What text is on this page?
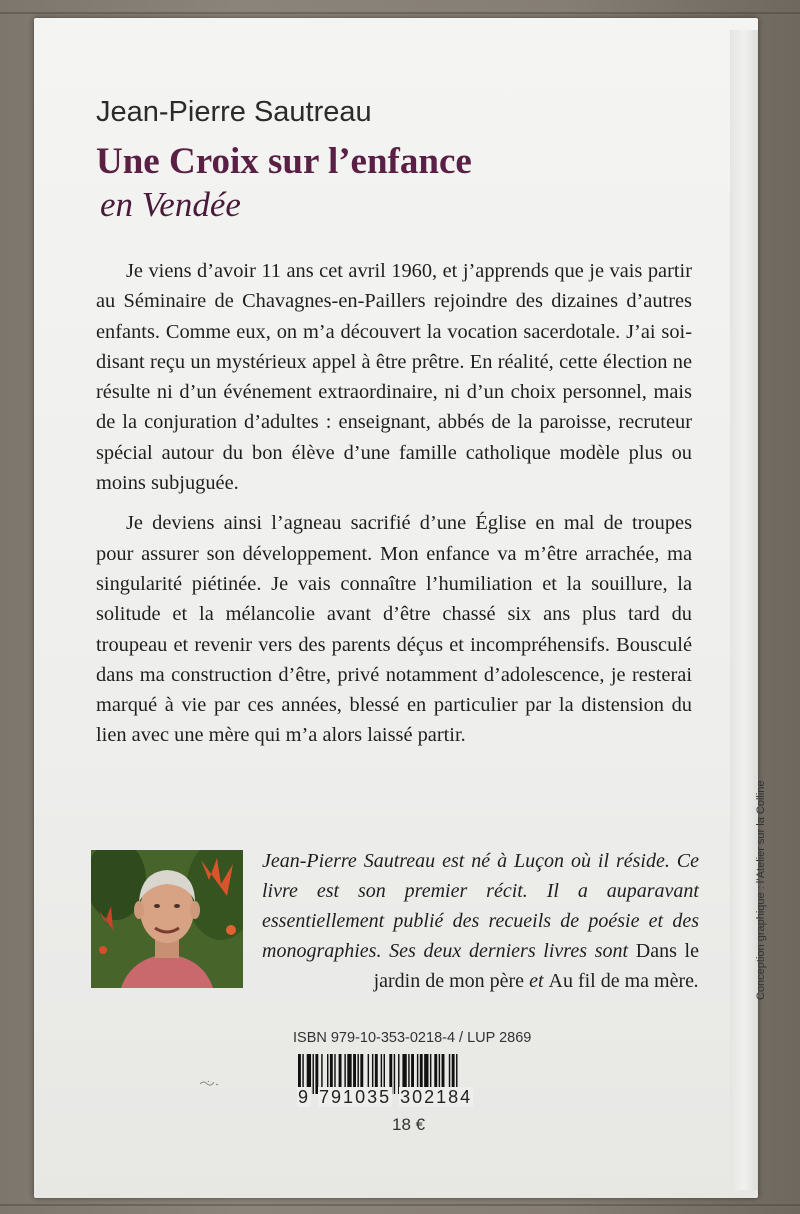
Jean-Pierre Sautreau
Une Croix sur l’enfance
en Vendée

Je viens d’avoir 11 ans cet avril 1960, et j’apprends que je vais partir au Séminaire de Chavagnes-en-Paillers rejoindre des dizaines d’autres enfants. Comme eux, on m’a découvert la vocation sacerdotale. J’ai soi-disant reçu un mystérieux appel à être prêtre. En réalité, cette élection ne résulte ni d’un événement extraordinaire, ni d’un choix personnel, mais de la conjuration d’adultes : enseignant, abbés de la paroisse, recruteur spécial autour du bon élève d’une famille catholique modèle plus ou moins subjuguée.

Je deviens ainsi l’agneau sacrifié d’une Église en mal de troupes pour assurer son développement. Mon enfance va m’être arrachée, ma singularité piétinée. Je vais connaître l’humiliation et la souillure, la solitude et la mélancolie avant d’être chassé six ans plus tard du troupeau et revenir vers des parents déçus et incompréhensifs. Bousculé dans ma construction d’être, privé notamment d’adolescence, je resterai marqué à vie par ces années, blessé en particulier par la distension du lien avec une mère qui m’a alors laissé partir.

Jean-Pierre Sautreau est né à Luçon où il réside. Ce livre est son premier récit. Il a auparavant essentiellement publié des recueils de poésie et des monographies. Ses deux derniers livres sont Dans le jardin de mon père et Au fil de ma mère.	Conception graphique : l’Atelier sur la Colline
ISBN 979-10-353-0218-4 / LUP 2869
9 791035 302184
18 €
